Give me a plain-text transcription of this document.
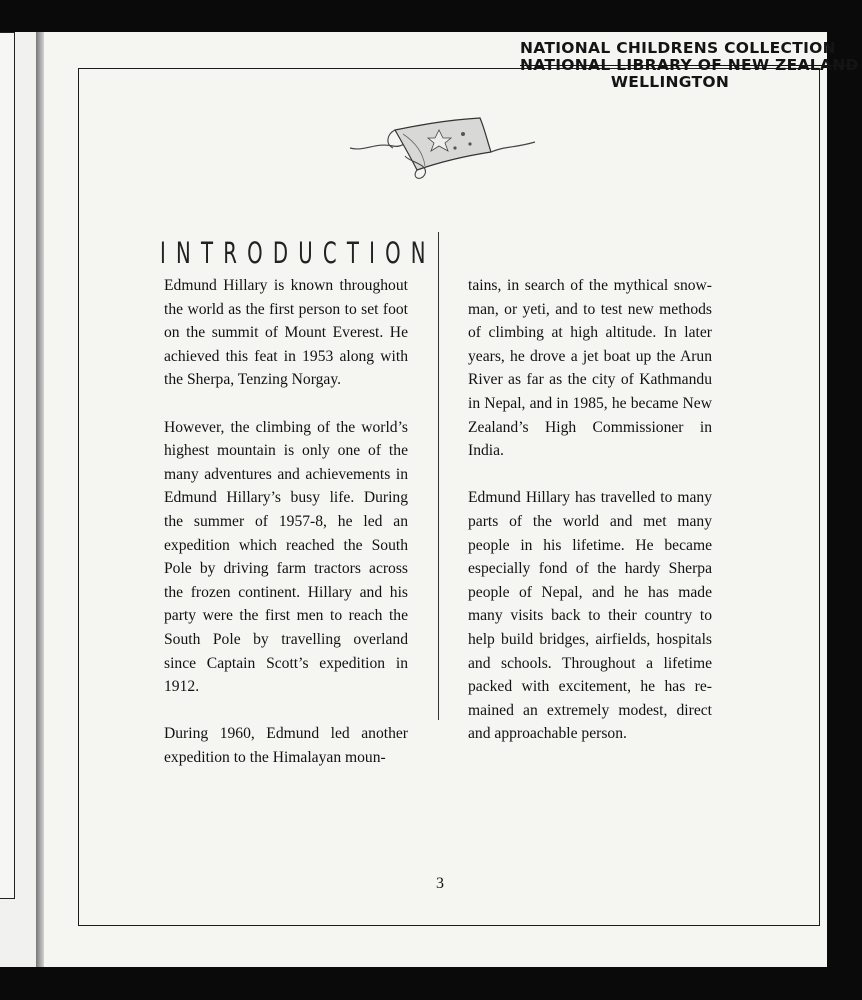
NATIONAL CHILDRENS COLLECTION
NATIONAL LIBRARY OF NEW ZEALAND
WELLINGTON
INTRODUCTION

Edmund Hillary is known throughout the world as the first person to set foot on the summit of Mount Everest. He achieved this feat in 1953 along with the Sherpa, Tenzing Norgay.

However, the climbing of the world’s highest mountain is only one of the many adventures and achievements in Edmund Hillary’s busy life. During the summer of 1957-8, he led an expedition which reached the South Pole by driving farm tractors across the frozen continent. Hillary and his party were the first men to reach the South Pole by travelling overland since Captain Scott’s expedition in 1912.

During 1960, Edmund led another expedition to the Himalayan moun-

tains, in search of the mythical snow-man, or yeti, and to test new methods of climbing at high altitude. In later years, he drove a jet boat up the Arun River as far as the city of Kathmandu in Nepal, and in 1985, he became New Zealand’s High Commissioner in India.

Edmund Hillary has travelled to many parts of the world and met many people in his lifetime. He became especially fond of the hardy Sherpa people of Nepal, and he has made many visits back to their country to help build bridges, airfields, hospitals and schools. Throughout a lifetime packed with excitement, he has re-mained an extremely modest, direct and approachable person.

3
